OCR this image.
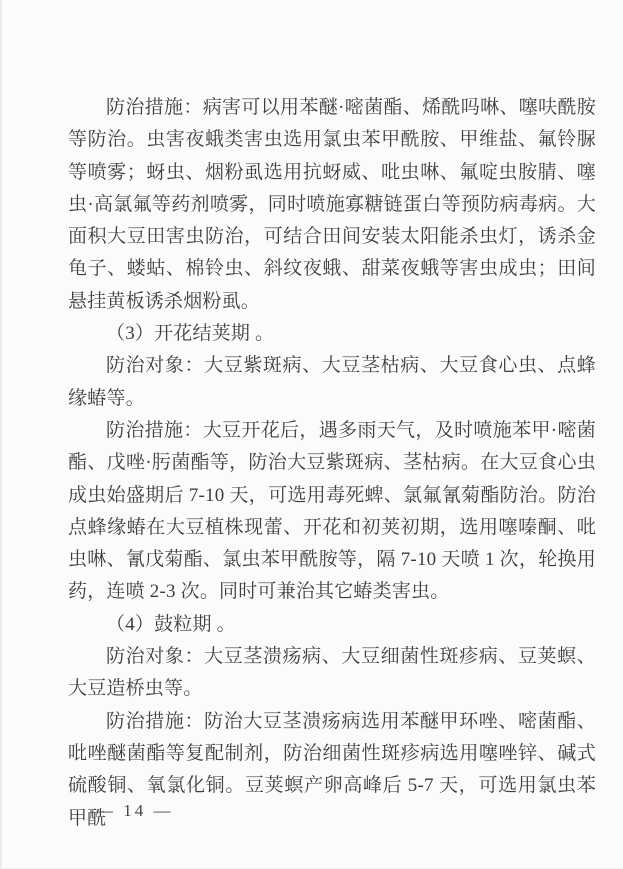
防治措施：病害可以用苯醚·嘧菌酯、烯酰吗啉、噻呋酰胺等防治。虫害夜蛾类害虫选用氯虫苯甲酰胺、甲维盐、氟铃脲等喷雾；蚜虫、烟粉虱选用抗蚜威、吡虫啉、氟啶虫胺腈、噻虫·高氯氟等药剂喷雾，同时喷施寡糖链蛋白等预防病毒病。大面积大豆田害虫防治，可结合田间安装太阳能杀虫灯，诱杀金龟子、蝼蛄、棉铃虫、斜纹夜蛾、甜菜夜蛾等害虫成虫；田间悬挂黄板诱杀烟粉虱。

（3）开花结荚期 。

防治对象：大豆紫斑病、大豆茎枯病、大豆食心虫、点蜂缘蝽等。

防治措施：大豆开花后，遇多雨天气，及时喷施苯甲·嘧菌酯、戊唑·肟菌酯等，防治大豆紫斑病、茎枯病。在大豆食心虫成虫始盛期后 7-10 天，可选用毒死蜱、氯氟氰菊酯防治。防治点蜂缘蝽在大豆植株现蕾、开花和初荚初期，选用噻嗪酮、吡虫啉、氰戊菊酯、氯虫苯甲酰胺等，隔 7-10 天喷 1 次，轮换用药，连喷 2-3 次。同时可兼治其它蝽类害虫。

（4）鼓粒期 。

防治对象：大豆茎溃疡病、大豆细菌性斑疹病、豆荚螟、大豆造桥虫等。

防治措施：防治大豆茎溃疡病选用苯醚甲环唑、嘧菌酯、吡唑醚菌酯等复配制剂，防治细菌性斑疹病选用噻唑锌、碱式硫酸铜、氧氯化铜。豆荚螟产卵高峰后 5-7 天，可选用氯虫苯甲酰

— 14 —
